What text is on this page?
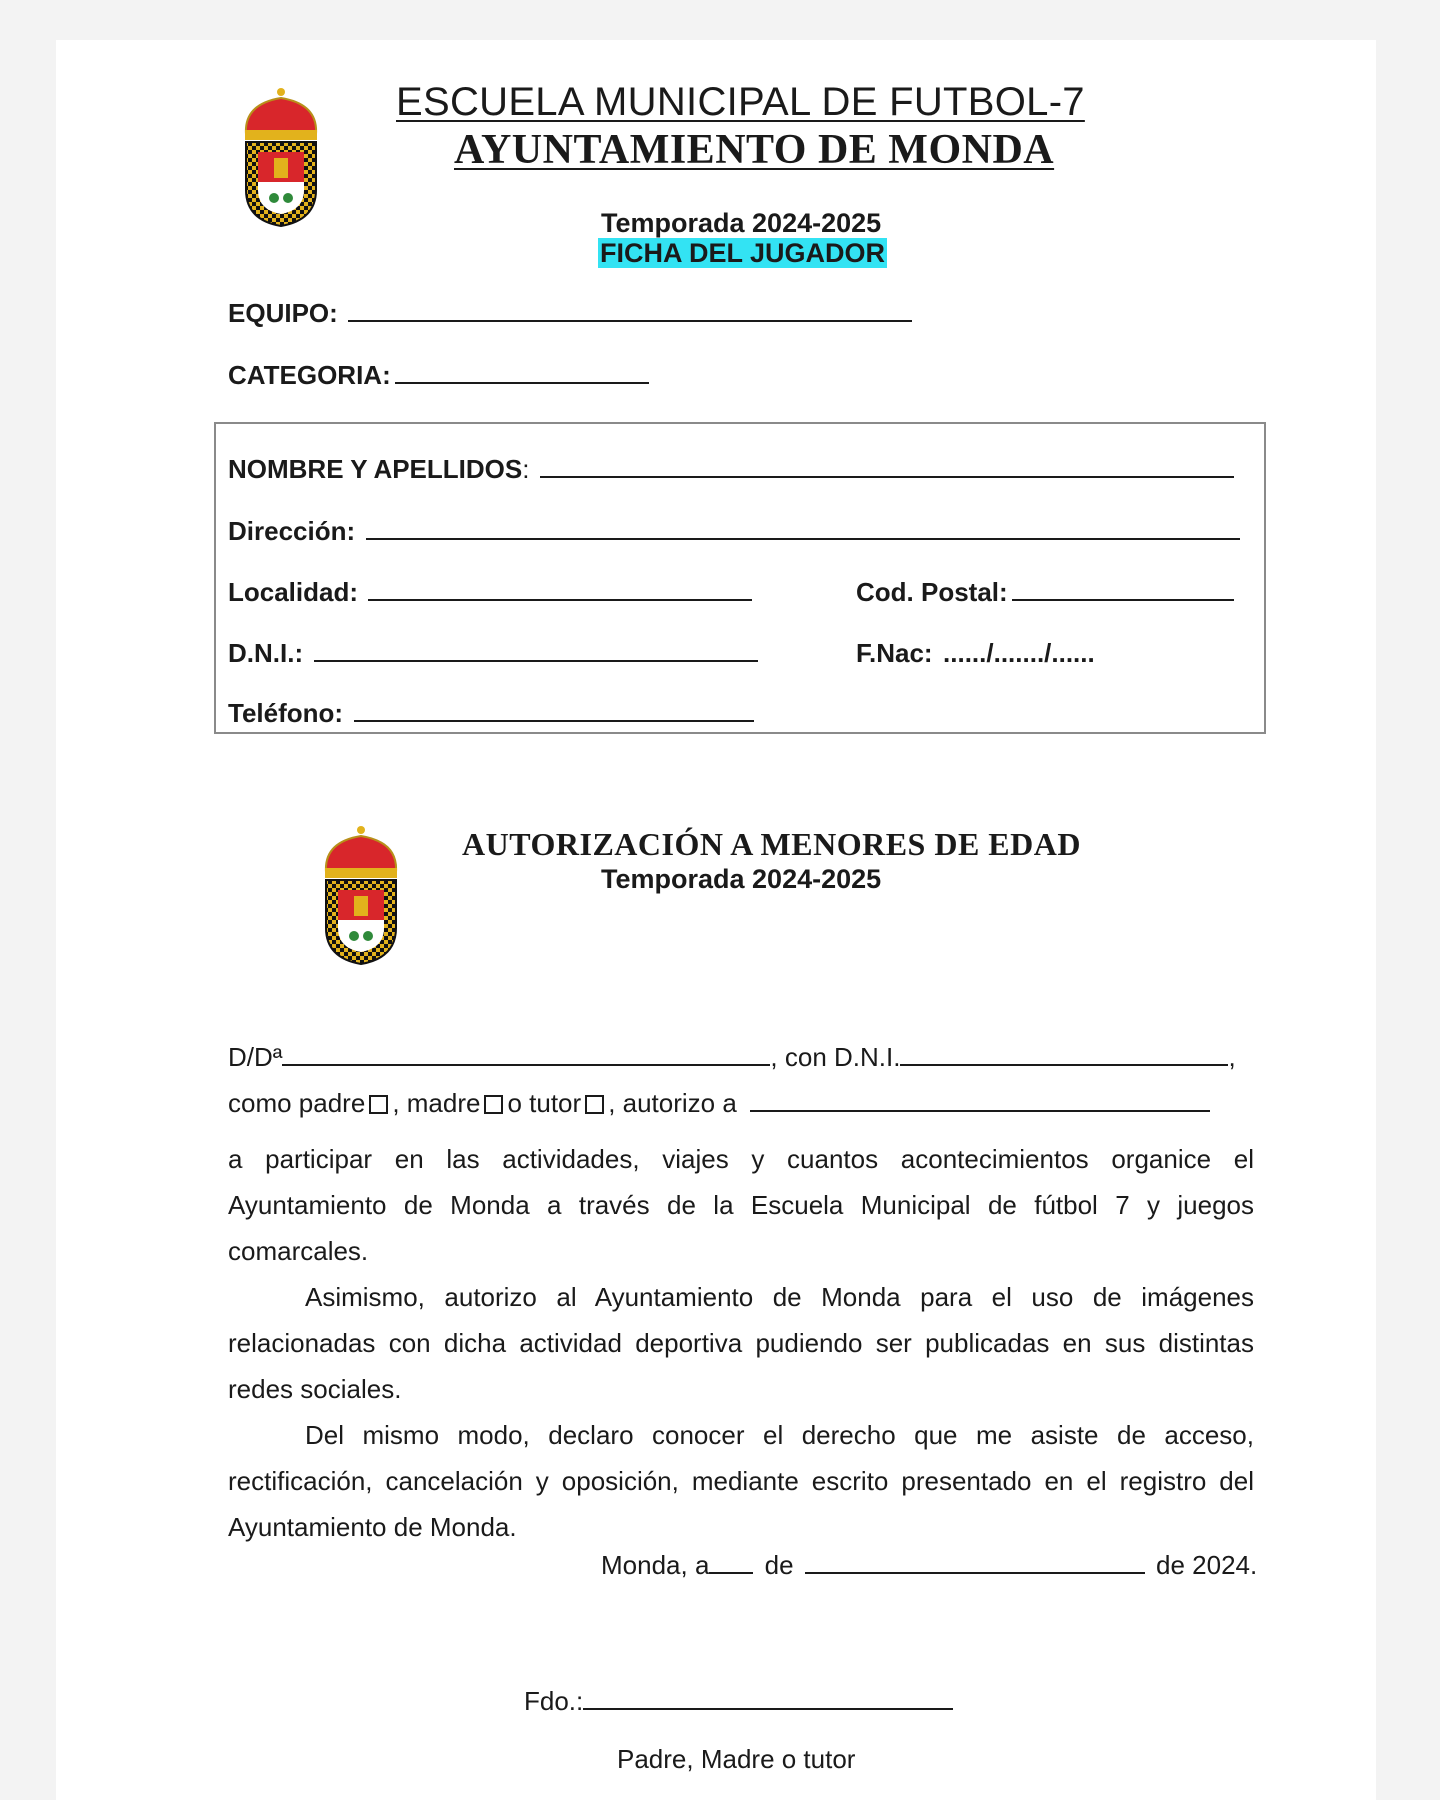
ESCUELA MUNICIPAL DE FUTBOL-7
AYUNTAMIENTO DE MONDA
Temporada 2024-2025
FICHA DEL JUGADOR
EQUIPO:
CATEGORIA:
NOMBRE Y APELLIDOS:
Dirección:
Localidad:	Cod. Postal:
D.N.I.:	F.Nac: ....../......./......
Teléfono:
AUTORIZACIÓN A MENORES DE EDAD
Temporada 2024-2025
D/Dª	, con D.N.I.	,
como padre , madre o tutor , autorizo a
a participar en las actividades, viajes y cuantos acontecimientos organice el Ayuntamiento de Monda a través de la Escuela Municipal de fútbol 7 y juegos comarcales.
Asimismo, autorizo al Ayuntamiento de Monda para el uso de imágenes relacionadas con dicha actividad deportiva pudiendo ser publicadas en sus distintas redes sociales.
Del mismo modo, declaro conocer el derecho que me asiste de acceso, rectificación, cancelación y oposición, mediante escrito presentado en el registro del Ayuntamiento de Monda.
Monda, a de	de 2024.
Fdo.:
Padre, Madre o tutor
